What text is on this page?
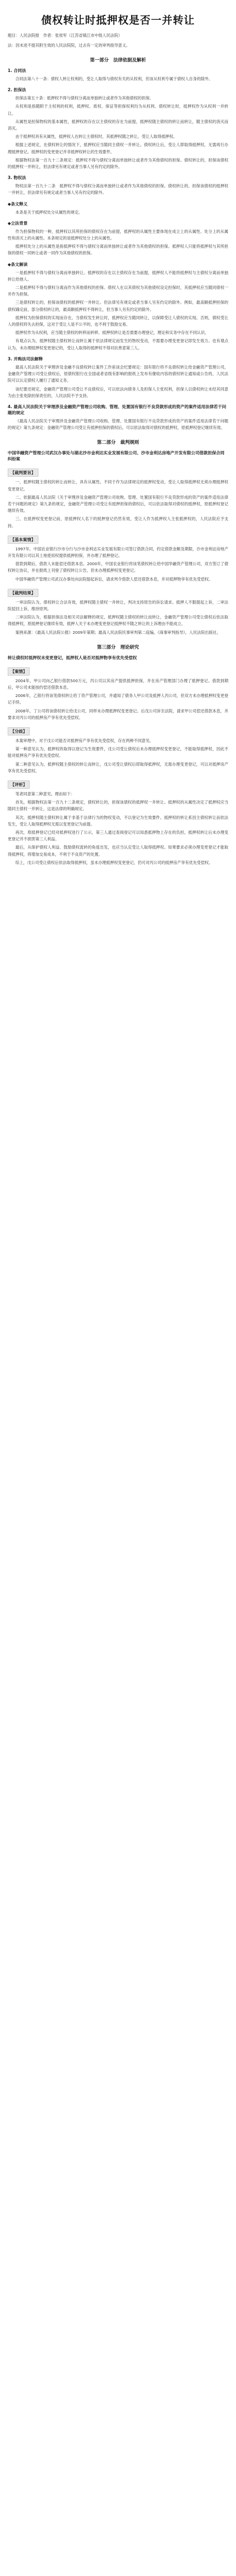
债权转让时抵押权是否一并转让
题目：人民法院报　作者：张侯军（江苏省镇江市中级人民法院）
法：因未进不提其附生效的人民法院院，过去有一定的审判指导意义。
第一部分　法律依据及解析
1. 合同法

合同法第八十一条：债权人转让权利的，受让人取得与债权有关的从权利，但该从权利专属于债权人自身的除外。

2. 担保法

担保法第五十条：抵押权不得与债权分离而单独转让或者作为其他债权的担保。

从权利是指随附于主权利的权利，抵押权、质权、保证等担保权利均为从权利。债权转让时，抵押权作为从权利一并转让。

从属性是担保物权的基本属性，抵押权的存在以主债权的存在为前提，抵押权随主债权的转让而转让，随主债权的消灭而消灭。

由于抵押权具有从属性，抵押权人在转让主债权时，其抵押权随之转让，受让人取得抵押权。

根据上述规定，在债权转让的情况下，抵押权应当随同主债权一并转让。债权转让后，受让人即取得抵押权，无需再行办理抵押登记。抵押权的变更登记并非抵押权转让的生效要件。

根据物权法第一百九十二条规定：抵押权不得与债权分离而单独转让或者作为其他债权的担保。债权转让的，担保该债权的抵押权一并转让，但法律另有规定或者当事人另有约定的除外。

3. 物权法

物权法第一百九十二条　抵押权不得与债权分离而单独转让或者作为其他债权的担保。债权转让的，担保该债权的抵押权一并转让，但法律另有规定或者当事人另有约定的除外。

◆条文释义

本条是关于抵押权处分从属性的规定。

◆立法背景

作为担保物权的一种，抵押权以其所担保的债权存在为前提，抵押权的从属性主要体现在成立上的从属性、处分上的从属性和消灭上的从属性。本条规定的是抵押权处分上的从属性。

抵押权处分上的从属性是指抵押权不得与债权分离而单独转让或者作为其他债权的担保。抵押权人只能将抵押权与其所担保的债权一同转让或者一同作为其他债权的担保。

◆条文解读

一是抵押权不得与债权分离而单独转让。抵押权的存在以主债权存在为前提，抵押权人不能将抵押权与主债权分离而单独转让给他人。

二是抵押权不得与债权分离而作为其他债权的担保。债权人在以其债权为其他债权设定担保时，其抵押权应当随同债权一并作为担保。

三是债权转让的，担保该债权的抵押权一并转让。但法律另有规定或者当事人另有约定的除外。例如，最高额抵押担保的债权确定前，部分债权转让的，最高额抵押权不得转让，但当事人另有约定的除外。

抵押权为担保债权的实现而存在，当债权发生转让时，抵押权应当随同转让，以保障受让人债权的实现。否则，债权受让人的债权将失去担保，这对于受让人是不公平的，也不利于鼓励交易。

抵押权作为从权利，应当随主债权的转移而转移。抵押权转让是否需要办理登记，理论和实务中存在不同认识。

有观点认为，抵押权随主债权转让而转让属于依法律规定而发生的物权变动，不需要办理变更登记即发生效力。也有观点认为，未办理抵押权变更登记的，受让人取得的抵押权不得对抗善意第三人。

3. 并购法司法解释

最高人民法院关于审理涉及金融不良债权转让案件工作座谈会纪要规定：国有银行将不良债权转让给金融资产管理公司，金融资产管理公司受让债权后，原债权银行在全国或者省级有影响的报纸上发布有催收内容的债权转让通知或公告的，人民法院可以认定债权人履行了通知义务。

该纪要还规定，金融资产管理公司受让不良债权后，可以依法向债务人及担保人主张权利，担保人以债权转让未经其同意为由主张免除担保责任的，人民法院不予支持。

4. 最高人民法院关于审理涉及金融资产管理公司收购、管理、处置国有银行不良贷款形成的资产的案件适用法律若干问题的规定

《最高人民法院关于审理涉及金融资产管理公司收购、管理、处置国有银行不良贷款形成的资产的案件适用法律若干问题的规定》第九条规定：金融资产管理公司受让有抵押担保的债权后，可以依法取得对债权的抵押权，原抵押权登记继续有效。

第二部分　裁判规则
中国华融资产管理公司武汉办事处与湖北沙市金利达实业发展有限公司、沙市金利达房地产开发有限公司借款担保合同纠纷案
【裁判要旨】

一、抵押权随主债权的转让而转让，具有从属性。不同于作为法律规定的抵押权变动，受让人取得抵押权无须办理抵押权变更登记。

二、依据最高人民法院《关于审理涉及金融资产管理公司收购、管理、处置国有银行不良贷款形成的资产的案件适用法律若干问题的规定》第九条的规定，金融资产管理公司受让有抵押担保的债权后，可以依法取得对债权的抵押权，原抵押权登记继续有效。

三、在抵押权变更登记前，原抵押权人名下的抵押登记仍然有效，受让人作为抵押权人主张抵押权的，人民法院应予支持。

【基本案情】

1997年，中国农业银行沙市分行与沙市金利达实业发展有限公司签订借款合同，约定借款金额及期限，沙市金利达房地产开发有限公司以其土地使用权提供抵押担保，并办理了抵押登记。

借款到期后，借款人未能偿还借款本息。2000年，中国农业银行将该笔债权转让给中国华融资产管理公司，双方签订了债权转让协议，并在报纸上刊登了债权转让公告，但未办理抵押权变更登记。

中国华融资产管理公司武汉办事处向法院提起诉讼，请求判令借款人偿还借款本息，并对抵押物享有优先受偿权。

【裁判结果】

一审法院认为，债权转让合法有效，抵押权随主债权一并转让，判决支持原告的诉讼请求。抵押人不服提起上诉，二审法院驳回上诉，维持原判。

二审法院认为，根据担保法及相关司法解释的规定，抵押权随主债权的转让而转让，金融资产管理公司受让债权后依法取得抵押权，原抵押登记继续有效，抵押人关于未办理变更登记抵押权不随之转让的上诉理由不能成立。

案例来源：《最高人民法院公报》2009年第期；最高人民法院民事审判第二庭编，《商事审判指导》，人民法院出版社。

第三部分　理论研究
转让债权时抵押权未变更登记，抵押权人是否对抵押物享有优先受偿权
【案情】

2004年，甲公司向乙银行借款500万元，丙公司以其房产提供抵押担保，并在房产管理部门办理了抵押登记。借款到期后，甲公司未能按约偿还借款本息。

2006年，乙银行将该笔债权转让给丁资产管理公司，并通知了债务人甲公司及抵押人丙公司，但双方未办理抵押权变更登记手续。

2008年，丁公司将该债权转让给戊公司，同样未办理抵押权变更登记。后戊公司诉至法院，请求甲公司偿还借款本息，并要求对丙公司的抵押房产享有优先受偿权。

【分歧】

本案审理中，对于戊公司能否对抵押房产享有优先受偿权，存在两种不同意见。

第一种意见认为，抵押权的取得以登记为生效要件，戊公司受让债权后未办理抵押权变更登记，不能取得抵押权，因此不能对抵押房产享有优先受偿权。

第二种意见认为，抵押权随主债权的转让而转让，戊公司受让债权后即取得抵押权，无需办理变更登记，可以对抵押房产享有优先受偿权。

【评析】

笔者同意第二种意见。理由如下：

首先，根据物权法第一百九十二条规定，债权转让的，担保该债权的抵押权一并转让。抵押权的从属性决定了抵押权应当随同主债权一并转让，这是法律的明确规定。

其次，抵押权随主债权转让属于非基于法律行为的物权变动，不以登记为生效要件。抵押权的转让系因主债权转让而依法发生，受让人取得抵押权无需以变更登记为前提。

再次，原抵押登记已经对抵押权进行了公示，第三人通过查阅登记可以知悉抵押物上存在的负担，抵押权转让后未办理变更登记并不损害第三人利益。

最后，从保护债权人利益、鼓励债权流转的角度出发，也应当认定受让人取得抵押权。如果要求必须办理变更登记才能取得抵押权，将增加交易成本，不利于不良资产的处置。

综上，戊公司受让债权后依法取得抵押权，虽未办理抵押权变更登记，仍可对丙公司的抵押房产享有优先受偿权。
